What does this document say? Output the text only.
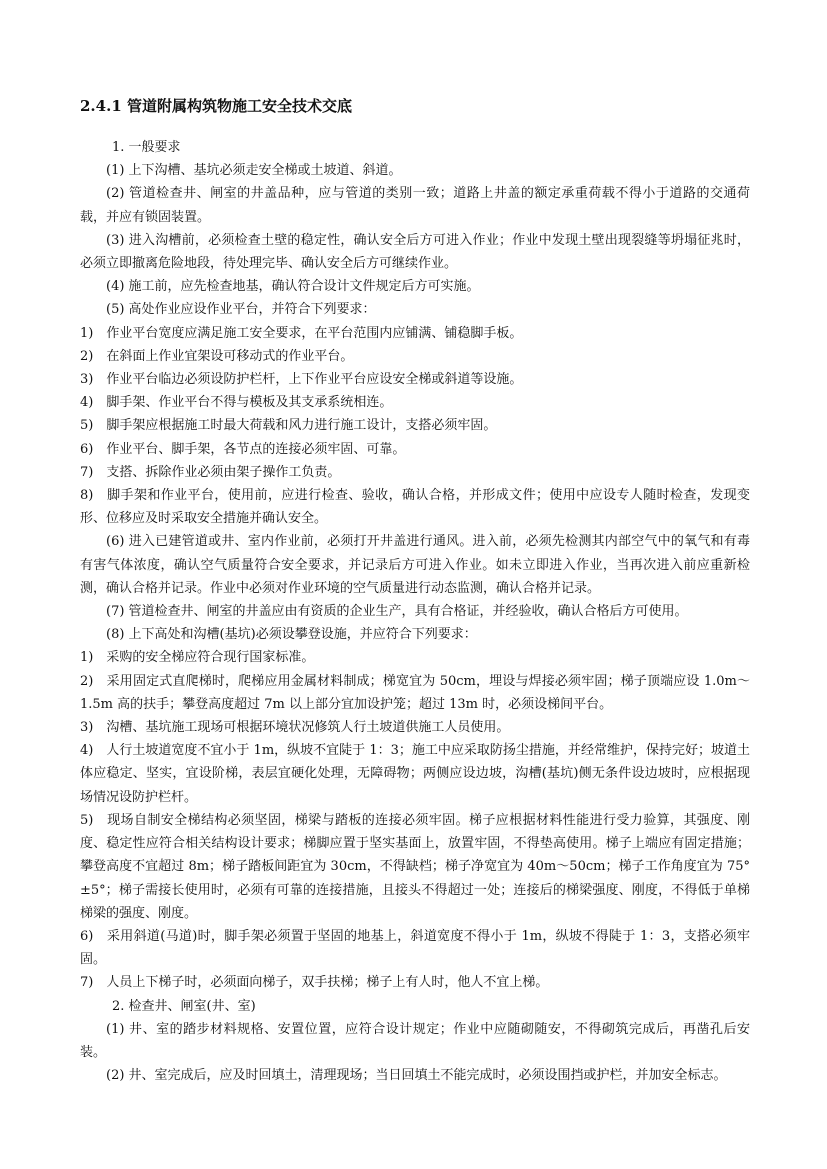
2.4.1 管道附属构筑物施工安全技术交底

1. 一般要求

(1) 上下沟槽、基坑必须走安全梯或土坡道、斜道。

(2) 管道检查井、闸室的井盖品种，应与管道的类别一致；道路上井盖的额定承重荷载不得小于道路的交通荷载，并应有锁固装置。

(3) 进入沟槽前，必须检查土壁的稳定性，确认安全后方可进入作业；作业中发现土壁出现裂缝等坍塌征兆时，必须立即撤离危险地段，待处理完毕、确认安全后方可继续作业。

(4) 施工前，应先检查地基，确认符合设计文件规定后方可实施。

(5) 高处作业应设作业平台，并符合下列要求：

1)　作业平台宽度应满足施工安全要求，在平台范围内应铺满、铺稳脚手板。

2)　在斜面上作业宜架设可移动式的作业平台。

3)　作业平台临边必须设防护栏杆，上下作业平台应设安全梯或斜道等设施。

4)　脚手架、作业平台不得与模板及其支承系统相连。

5)　脚手架应根据施工时最大荷载和风力进行施工设计，支搭必须牢固。

6)　作业平台、脚手架，各节点的连接必须牢固、可靠。

7)　支搭、拆除作业必须由架子操作工负责。

8)　脚手架和作业平台，使用前，应进行检查、验收，确认合格，并形成文件；使用中应设专人随时检查，发现变形、位移应及时采取安全措施并确认安全。

(6) 进入已建管道或井、室内作业前，必须打开井盖进行通风。进入前，必须先检测其内部空气中的氧气和有毒有害气体浓度，确认空气质量符合安全要求，并记录后方可进入作业。如未立即进入作业，当再次进入前应重新检测，确认合格并记录。作业中必须对作业环境的空气质量进行动态监测，确认合格并记录。

(7) 管道检查井、闸室的井盖应由有资质的企业生产，具有合格证，并经验收，确认合格后方可使用。

(8) 上下高处和沟槽(基坑)必须设攀登设施，并应符合下列要求：

1)　采购的安全梯应符合现行国家标准。

2)　采用固定式直爬梯时，爬梯应用金属材料制成；梯宽宜为 50cm，埋设与焊接必须牢固；梯子顶端应设 1.0m～1.5m 高的扶手；攀登高度超过 7m 以上部分宜加设护笼；超过 13m 时，必须设梯间平台。

3)　沟槽、基坑施工现场可根据环境状况修筑人行土坡道供施工人员使用。

4)　人行土坡道宽度不宜小于 1m，纵坡不宜陡于 1：3；施工中应采取防扬尘措施，并经常维护，保持完好；坡道土体应稳定、坚实，宜设阶梯，表层宜硬化处理，无障碍物；两侧应设边坡，沟槽(基坑)侧无条件设边坡时，应根据现场情况设防护栏杆。

5)　现场自制安全梯结构必须坚固，梯梁与踏板的连接必须牢固。梯子应根据材料性能进行受力验算，其强度、刚度、稳定性应符合相关结构设计要求；梯脚应置于坚实基面上，放置牢固，不得垫高使用。梯子上端应有固定措施；攀登高度不宜超过 8m；梯子踏板间距宜为 30cm，不得缺档；梯子净宽宜为 40m～50cm；梯子工作角度宜为 75°±5°；梯子需接长使用时，必须有可靠的连接措施，且接头不得超过一处；连接后的梯梁强度、刚度，不得低于单梯梯梁的强度、刚度。

6)　采用斜道(马道)时，脚手架必须置于坚固的地基上，斜道宽度不得小于 1m，纵坡不得陡于 1：3，支搭必须牢固。

7)　人员上下梯子时，必须面向梯子，双手扶梯；梯子上有人时，他人不宜上梯。

2. 检查井、闸室(井、室)

(1) 井、室的踏步材料规格、安置位置，应符合设计规定；作业中应随砌随安，不得砌筑完成后，再凿孔后安装。

(2) 井、室完成后，应及时回填土，清理现场；当日回填土不能完成时，必须设围挡或护栏，并加安全标志。
